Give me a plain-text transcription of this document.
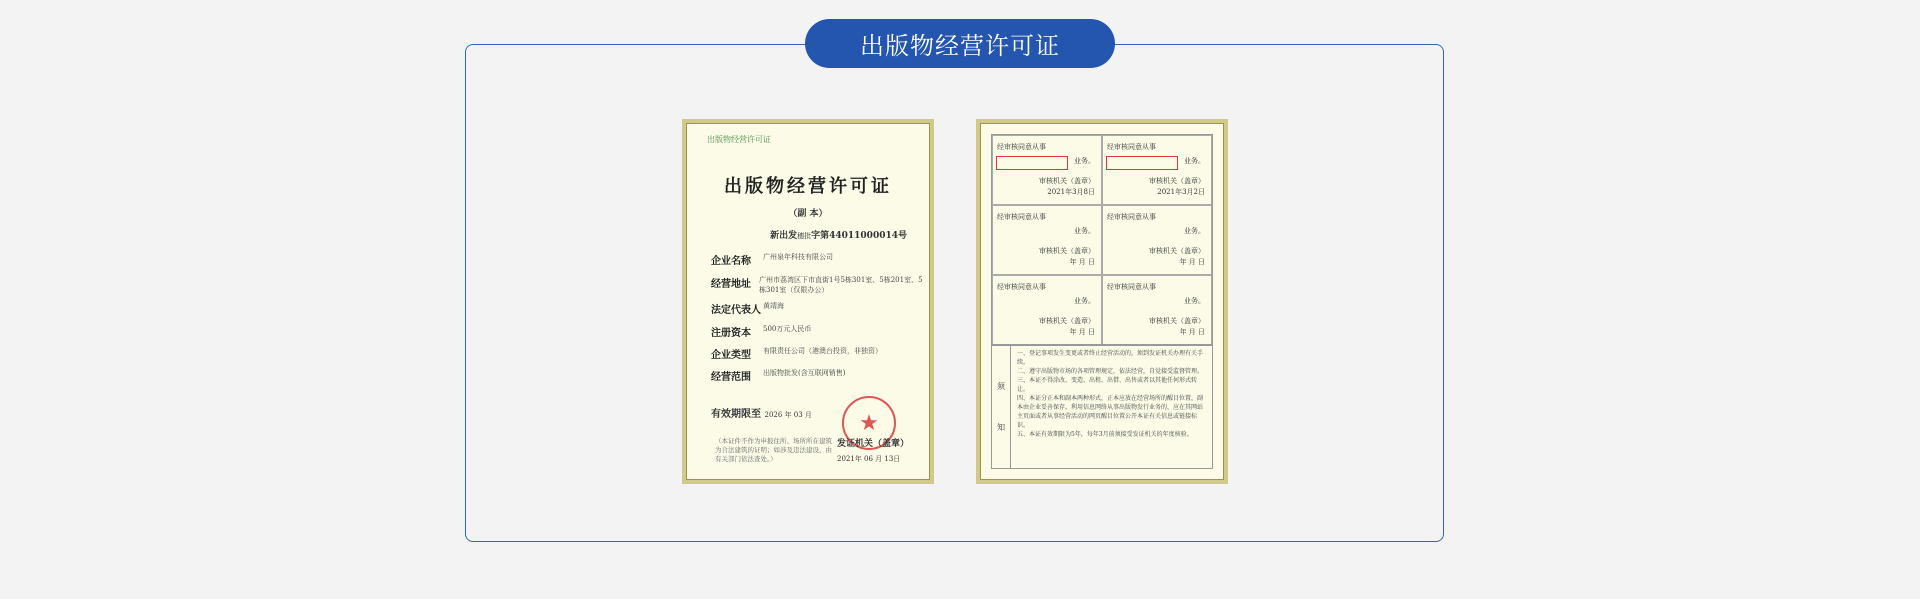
出版物经营许可证
出版物经营许可证
出版物经营许可证
（副 本）
新出发穗批字第44011000014号
企业名称	广州泉年科技有限公司
经营地址	广州市荔湾区下市直街1号5栋301室、5栋201室、5栋301室（仅限办公）
法定代表人 黄靖海
注册资本	500万元人民币
企业类型	有限责任公司（港澳台投资，非独资）
经营范围	出版物批发(含互联网销售)
有效期限至 2026 年 03 月	★
（本证件不作为申报住所、场所所在建筑为合法建筑的证明；如涉及违法建设，由有关部门依法查处。）
发证机关（盖章）
2021年 06 月 13日
经审核同意从事
业务。
审核机关（盖章）
2021年3月8日
经审核同意从事
业务。
审核机关（盖章）
2021年3月2日
经审核同意从事
业务。
审核机关（盖章）
年 月 日
经审核同意从事
业务。
审核机关（盖章）
年 月 日
经审核同意从事
业务。
审核机关（盖章）
年 月 日
经审核同意从事
业务。
审核机关（盖章）
年 月 日
须
知
一、登记事项发生变更或者终止经营活动的，须到发证机关办理有关手续。
二、遵守出版物市场的各项管理规定，依法经营，自觉接受监督管理。
三、本证不得涂改、变造、出租、出借、出售或者以其他任何形式转让。
四、本证分正本和副本两种形式，正本应放在经营场所的醒目位置，副本由企业妥善保存。利用信息网络从事出版物发行业务的，应在其网站主页面或者从事经营活动的网页醒目位置公开本证有关信息或链接标识。
五、本证有效期限为5年，每年3月前须接受发证机关的年度核验。
